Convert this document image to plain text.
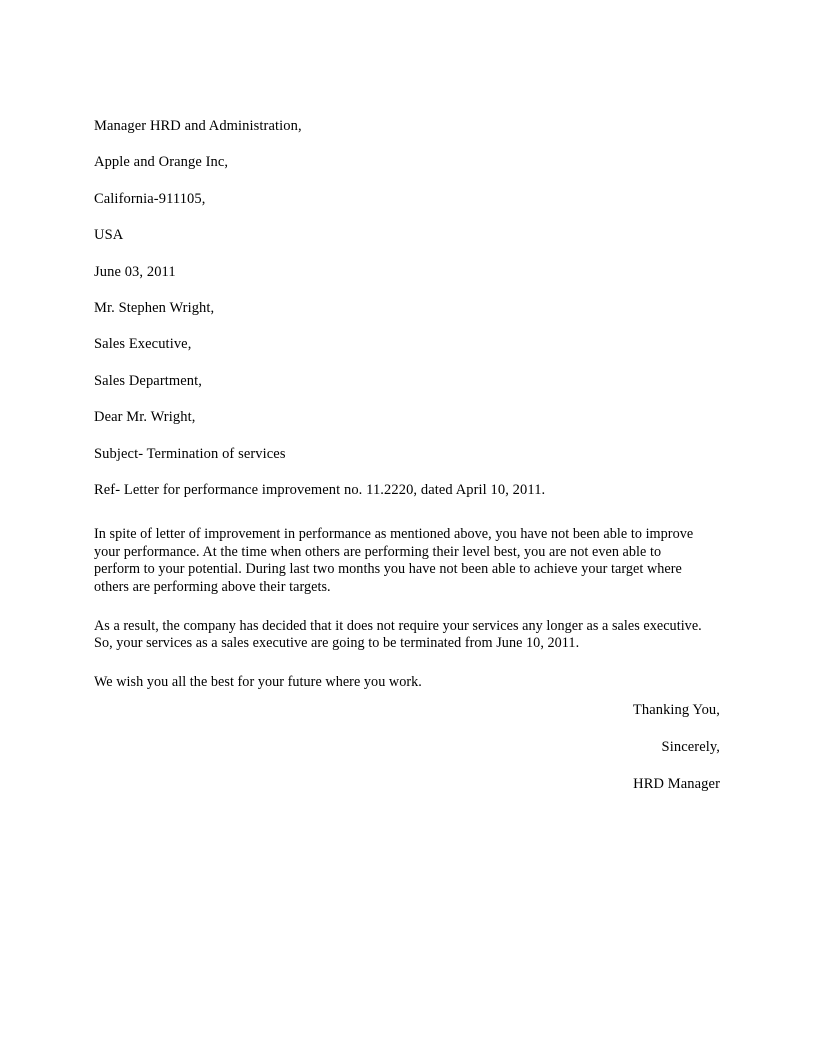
Manager HRD and Administration,
Apple and Orange Inc,
California-911105,
USA
June 03, 2011
Mr. Stephen Wright,
Sales Executive,
Sales Department,
Dear Mr. Wright,
Subject- Termination of services
Ref- Letter for performance improvement no. 11.2220, dated April 10, 2011.

In spite of letter of improvement in performance as mentioned above, you have not been able to improve your performance. At the time when others are performing their level best, you are not even able to perform to your potential. During last two months you have not been able to achieve your target where others are performing above their targets.

As a result, the company has decided that it does not require your services any longer as a sales executive. So, your services as a sales executive are going to be terminated from June 10, 2011.

We wish you all the best for your future where you work.

Thanking You,
Sincerely,
HRD Manager
